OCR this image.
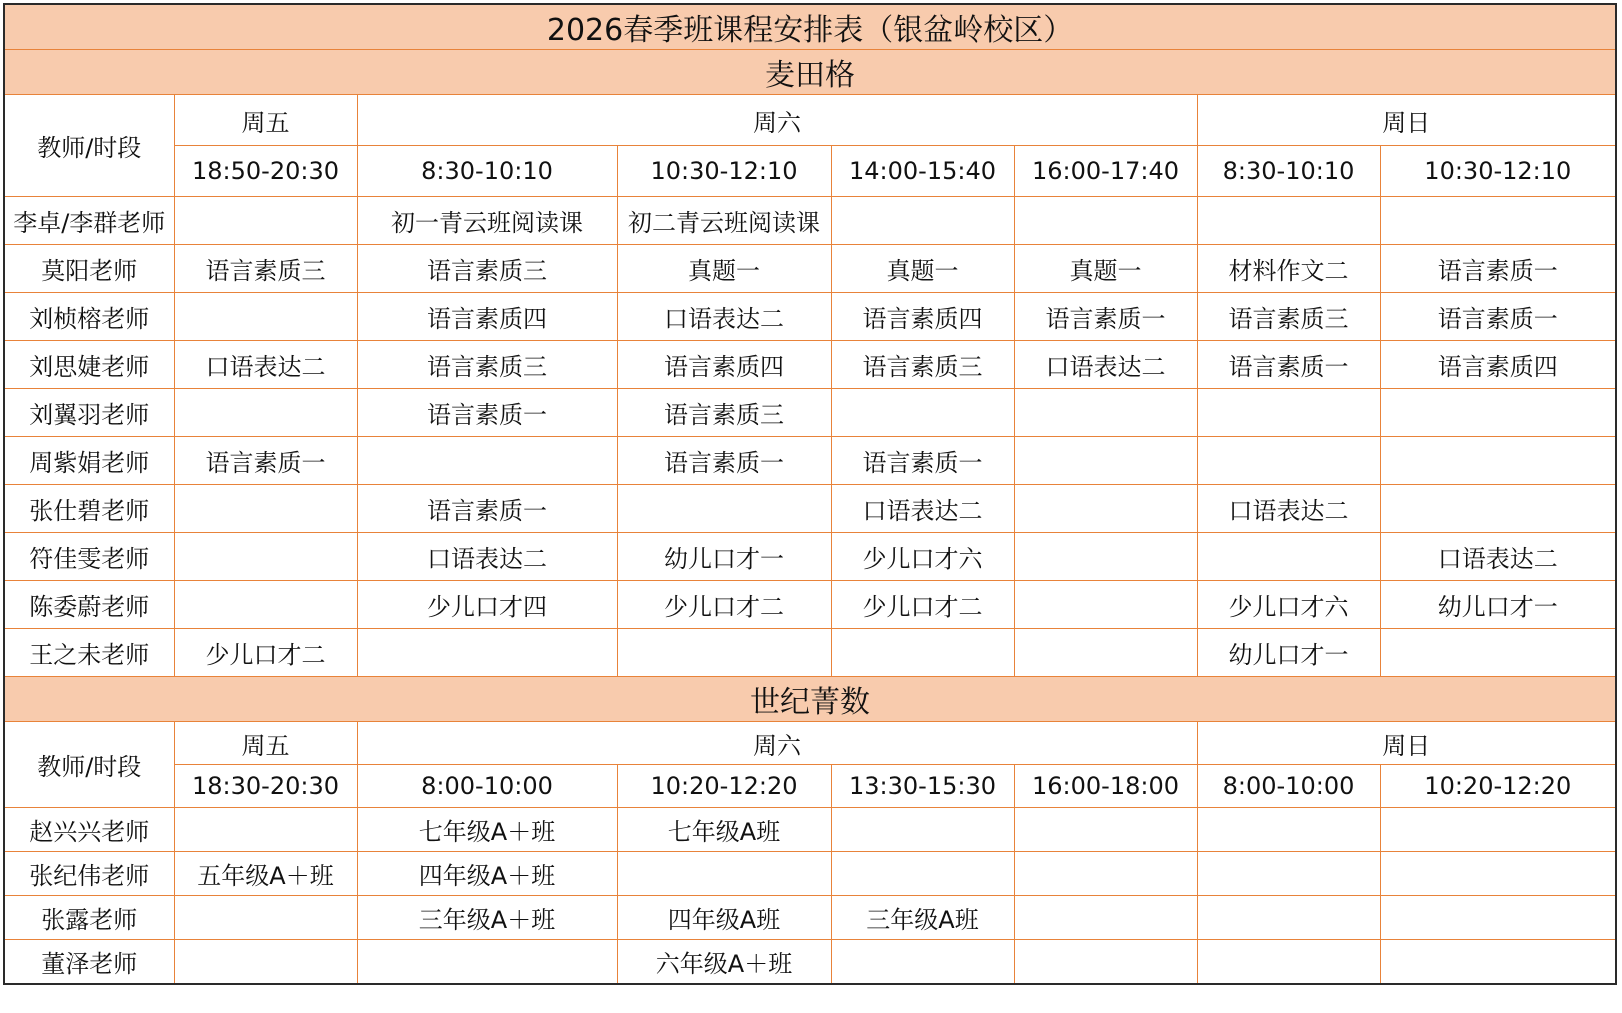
2026春季班课程安排表（银盆岭校区）							
麦田格							
教师/时段	周五	周六				周日	
	18:50-20:30	8:30-10:10	10:30-12:10	14:00-15:40	16:00-17:40	8:30-10:10	10:30-12:10
李卓/李群老师		初一青云班阅读课	初二青云班阅读课				
莫阳老师	语言素质三	语言素质三	真题一	真题一	真题一	材料作文二	语言素质一
刘桢榕老师		语言素质四	口语表达二	语言素质四	语言素质一	语言素质三	语言素质一
刘思婕老师	口语表达二	语言素质三	语言素质四	语言素质三	口语表达二	语言素质一	语言素质四
刘翼羽老师		语言素质一	语言素质三				
周紫娟老师	语言素质一		语言素质一	语言素质一			
张仕碧老师		语言素质一		口语表达二		口语表达二	
符佳雯老师		口语表达二	幼儿口才一	少儿口才六			口语表达二
陈委蔚老师		少儿口才四	少儿口才二	少儿口才二		少儿口才六	幼儿口才一
王之未老师	少儿口才二					幼儿口才一	
世纪菁数							
教师/时段	周五	周六				周日	
	18:30-20:30	8:00-10:00	10:20-12:20	13:30-15:30	16:00-18:00	8:00-10:00	10:20-12:20
赵兴兴老师		七年级A＋班	七年级A班				
张纪伟老师	五年级A＋班	四年级A＋班					
张露老师		三年级A＋班	四年级A班	三年级A班			
董泽老师			六年级A＋班				
